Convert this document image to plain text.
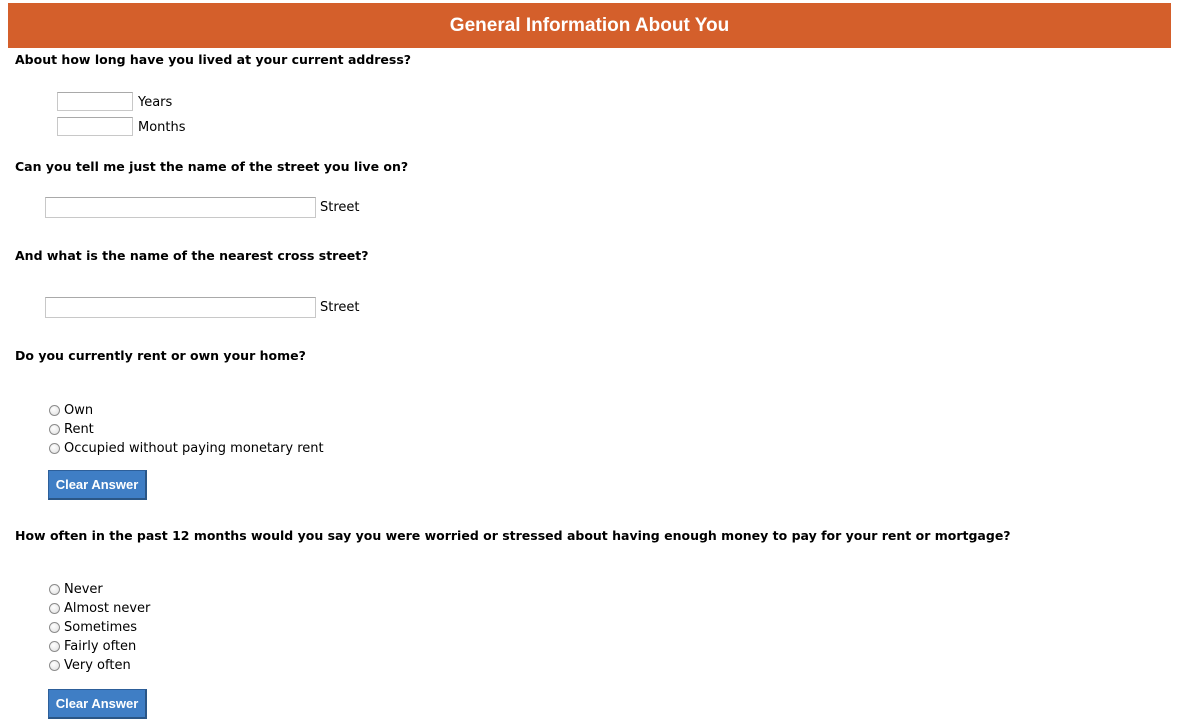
General Information About You
About how long have you lived at your current address?
Years
Months
Can you tell me just the name of the street you live on?
Street
And what is the name of the nearest cross street?
Street
Do you currently rent or own your home?
Own
Rent
Occupied without paying monetary rent
Clear Answer
How often in the past 12 months would you say you were worried or stressed about having enough money to pay for your rent or mortgage?
Never
Almost never
Sometimes
Fairly often
Very often
Clear Answer
